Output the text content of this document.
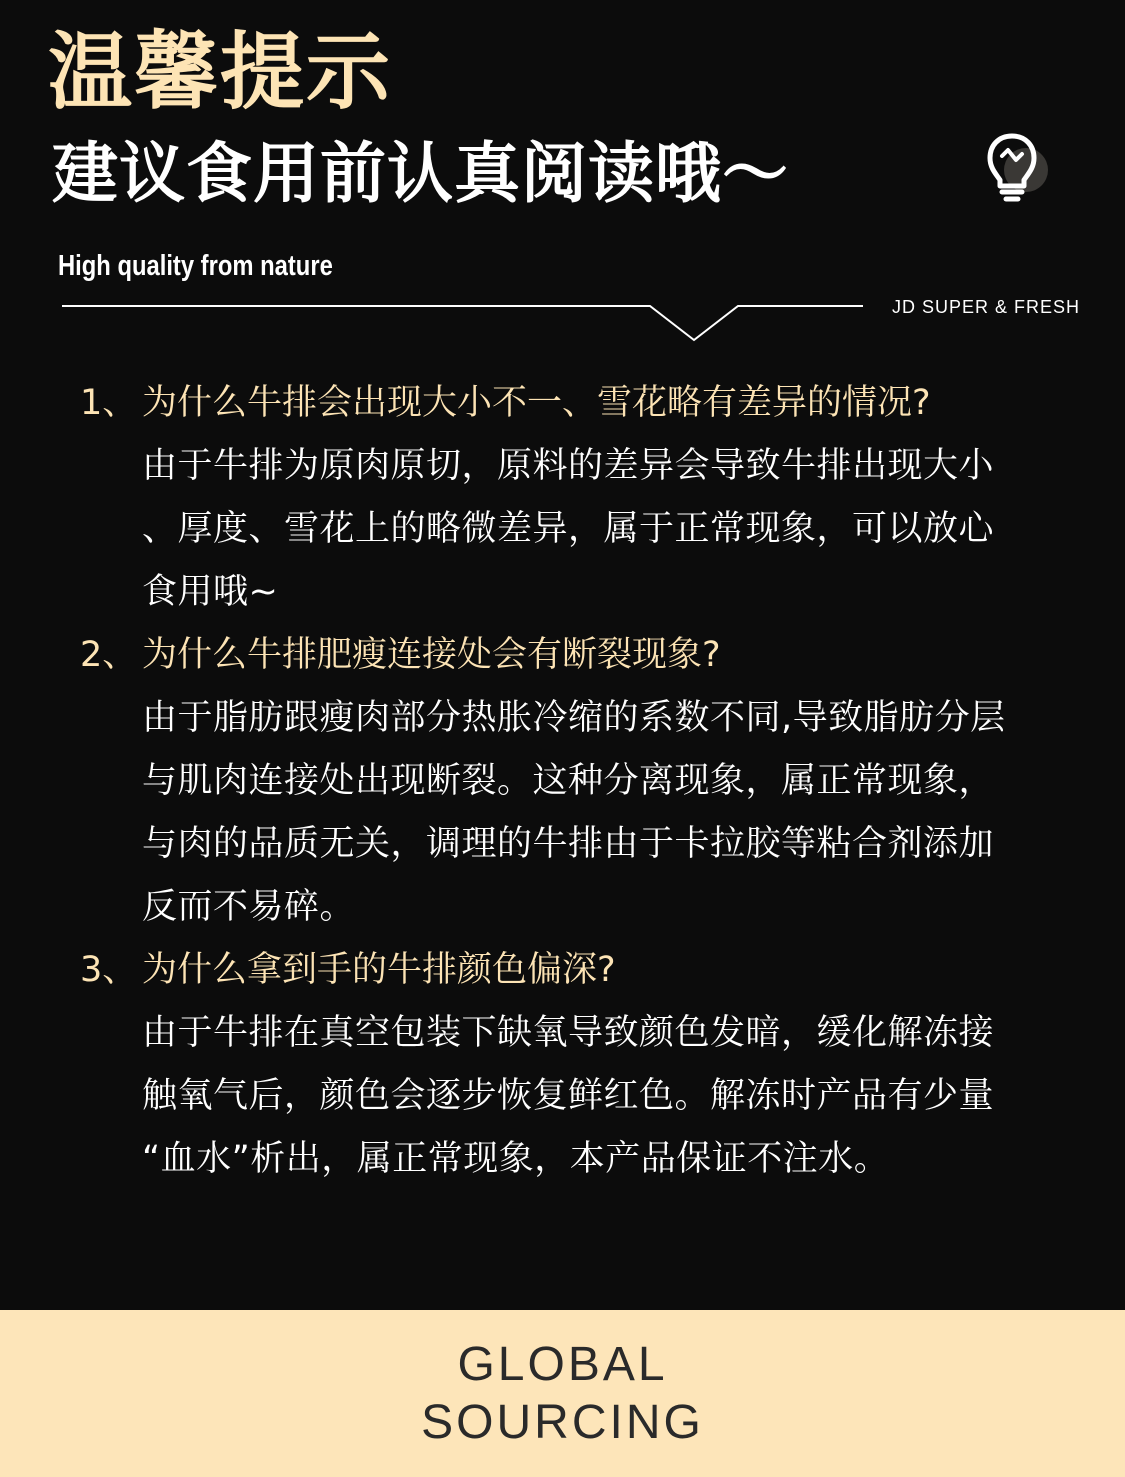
温馨提示
建议食用前认真阅读哦～
High quality from nature
JD SUPER & FRESH
1、 为什么牛排会出现大小不一、雪花略有差异的情况?
由于牛排为原肉原切，原料的差异会导致牛排出现大小
、厚度、雪花上的略微差异，属于正常现象，可以放心
食用哦~
2、 为什么牛排肥瘦连接处会有断裂现象?
由于脂肪跟瘦肉部分热胀冷缩的系数不同,导致脂肪分层
与肌肉连接处出现断裂。这种分离现象，属正常现象，
与肉的品质无关，调理的牛排由于卡拉胶等粘合剂添加
反而不易碎。
3、 为什么拿到手的牛排颜色偏深?
由于牛排在真空包装下缺氧导致颜色发暗，缓化解冻接
触氧气后，颜色会逐步恢复鲜红色。解冻时产品有少量
“血水”析出，属正常现象，本产品保证不注水。
GLOBAL
SOURCING
